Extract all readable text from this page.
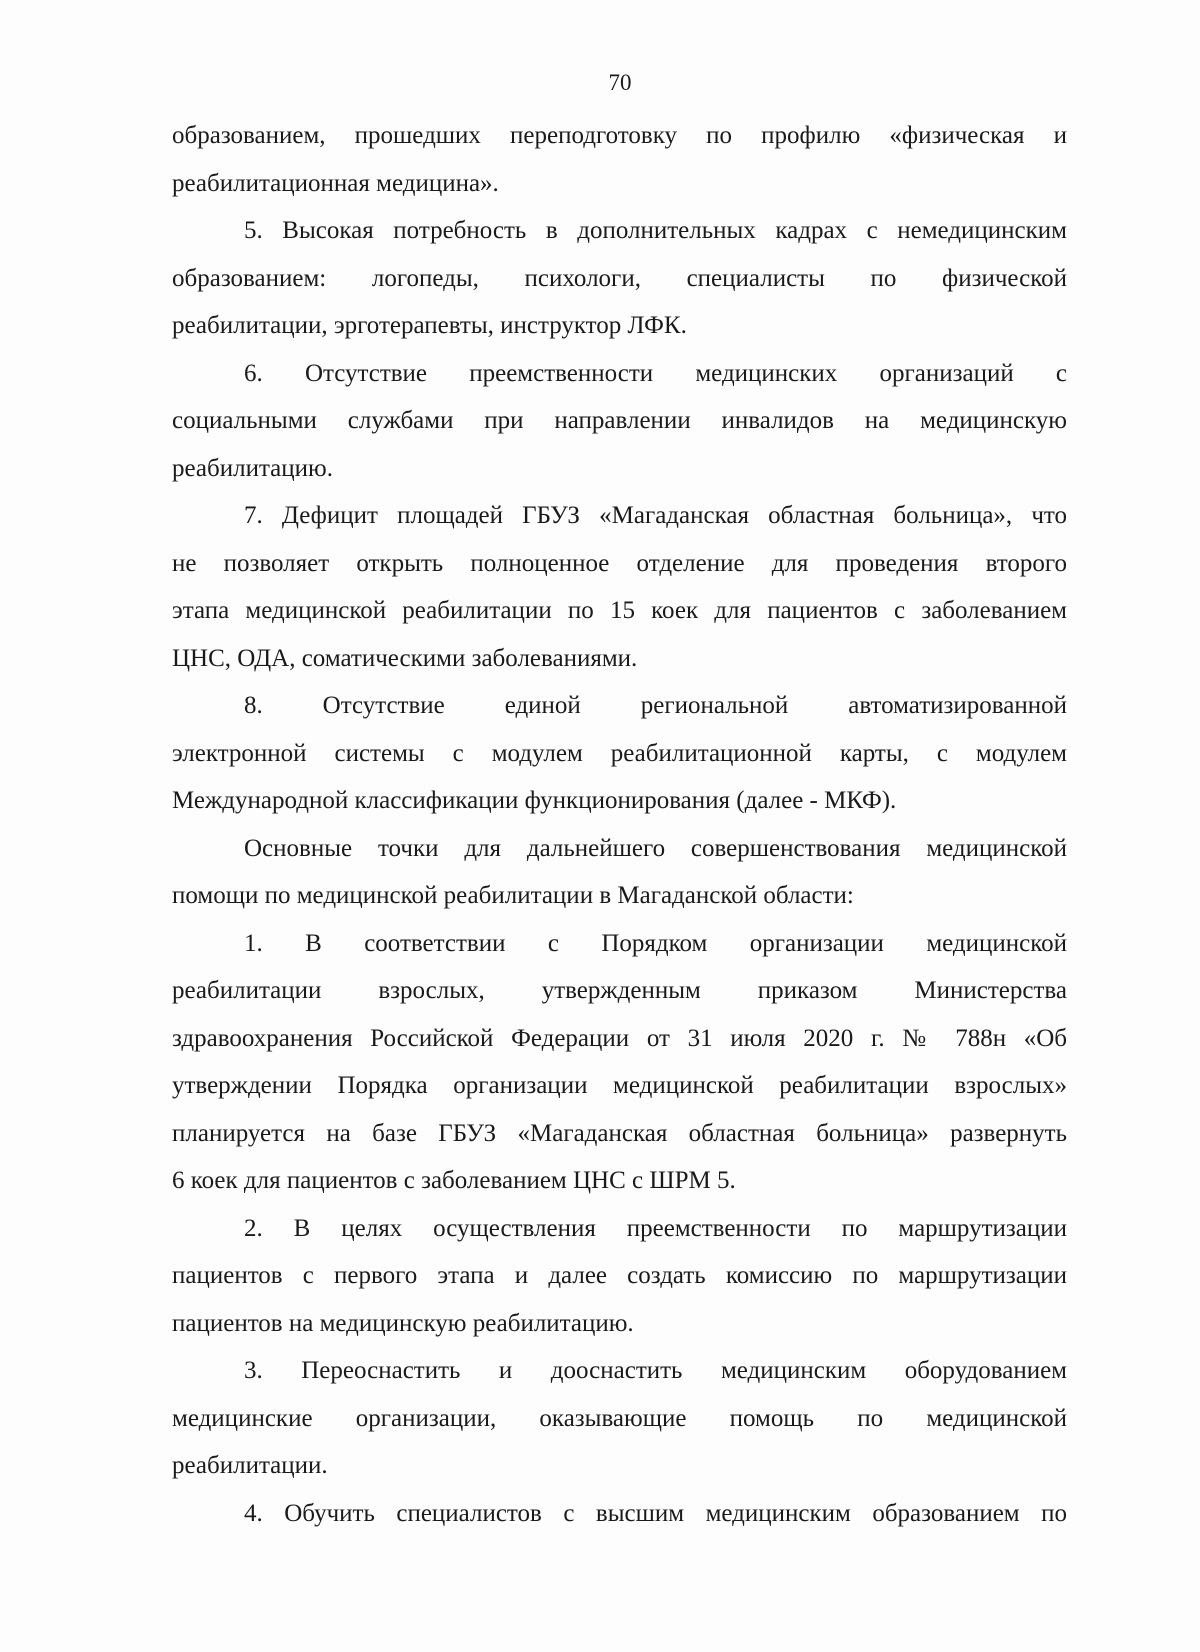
70
образованием, прошедших переподготовку по профилю «физическая и
реабилитационная медицина».
5. Высокая потребность в дополнительных кадрах с немедицинским
образованием: логопеды, психологи, специалисты по физической
реабилитации, эрготерапевты, инструктор ЛФК.
6. Отсутствие преемственности медицинских организаций с
социальными службами при направлении инвалидов на медицинскую
реабилитацию.
7. Дефицит площадей ГБУЗ «Магаданская областная больница», что
не позволяет открыть полноценное отделение для проведения второго
этапа медицинской реабилитации по 15 коек для пациентов с заболеванием
ЦНС, ОДА, соматическими заболеваниями.
8. Отсутствие единой региональной автоматизированной
электронной системы с модулем реабилитационной карты, с модулем
Международной классификации функционирования (далее - МКФ).
Основные точки для дальнейшего совершенствования медицинской
помощи по медицинской реабилитации в Магаданской области:
1. В соответствии с Порядком организации медицинской
реабилитации взрослых, утвержденным приказом Министерства
здравоохранения Российской Федерации от 31 июля 2020 г. № 788н «Об
утверждении Порядка организации медицинской реабилитации взрослых»
планируется на базе ГБУЗ «Магаданская областная больница» развернуть
6 коек для пациентов с заболеванием ЦНС с ШРМ 5.
2. В целях осуществления преемственности по маршрутизации
пациентов с первого этапа и далее создать комиссию по маршрутизации
пациентов на медицинскую реабилитацию.
3. Переоснастить и дооснастить медицинским оборудованием
медицинские организации, оказывающие помощь по медицинской
реабилитации.
4. Обучить специалистов с высшим медицинским образованием по
